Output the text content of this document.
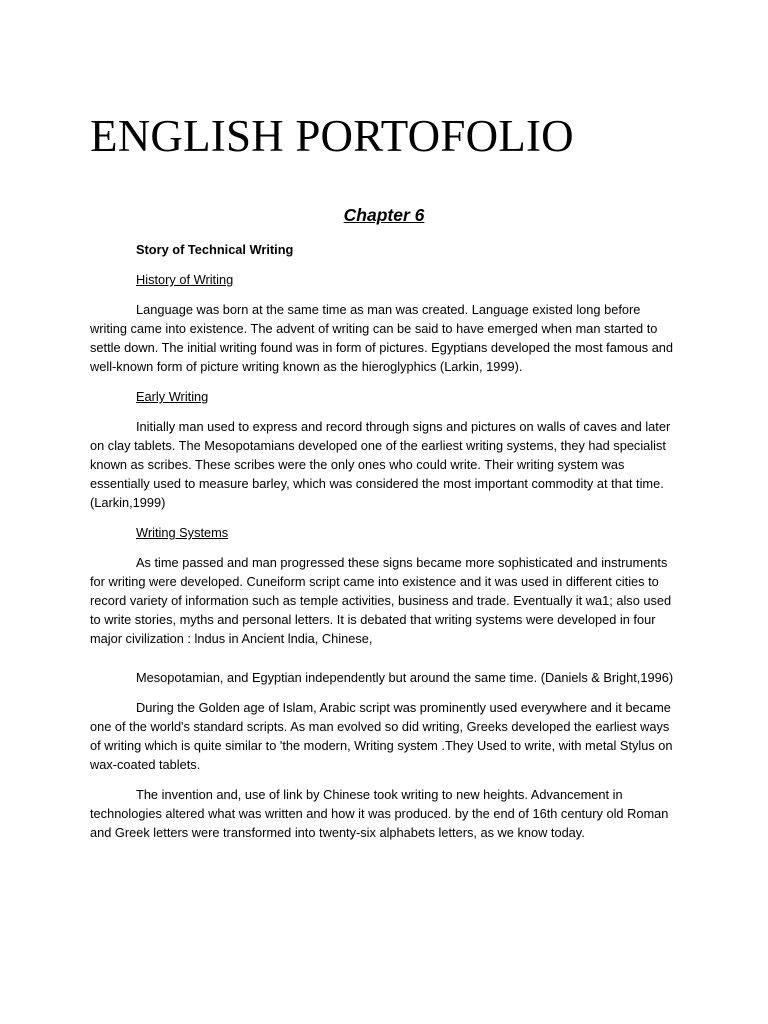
ENGLISH PORTOFOLIO
Chapter 6

Story of Technical Writing

History of Writing

Language was born at the same time as man was created. Language existed long before writing came into existence. The advent of writing can be said to have emerged when man started to settle down. The initial writing found was in form of pictures. Egyptians developed the most famous and well-known form of picture writing known as the hieroglyphics (Larkin, 1999).

Early Writing

Initially man used to express and record through signs and pictures on walls of caves and later on clay tablets. The Mesopotamians developed one of the earliest writing systems, they had specialist known as scribes. These scribes were the only ones who could write. Their writing system was essentially used to measure barley, which was considered the most important commodity at that time. (Larkin,1999)

Writing Systems

As time passed and man progressed these signs became more sophisticated and instruments for writing were developed. Cuneiform script came into existence and it was used in different cities to record variety of information such as temple activities, business and trade. Eventually it wa1; also used to write stories, myths and personal letters. It is debated that writing systems were developed in four major civilization : lndus in Ancient lndia, Chinese,

Mesopotamian, and Egyptian independently but around the same time. (Daniels & Bright,1996)

During the Golden age of Islam, Arabic script was prominently used everywhere and it became one of the world's standard scripts. As man evolved so did writing, Greeks developed the earliest ways of writing which is quite similar to 'the modern, Writing system .They Used to write, with metal Stylus on wax-coated tablets.

The invention and, use of link by Chinese took writing to new heights. Advancement in technologies altered what was written and how it was produced. by the end of 16th century old Roman and Greek letters were transformed into twenty-six alphabets letters, as we know today.
